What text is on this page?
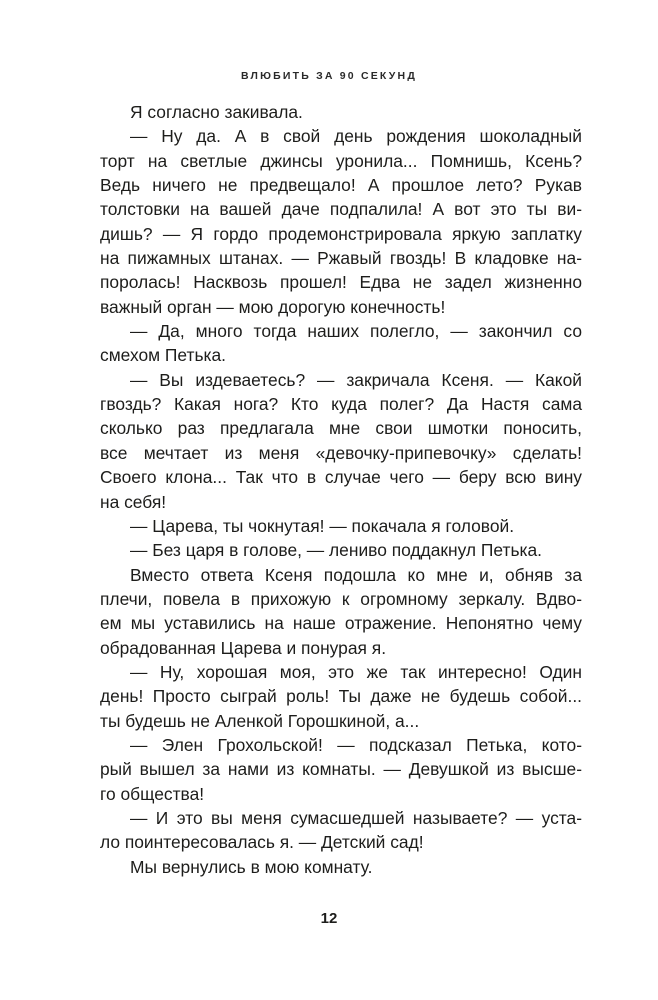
ВЛЮБИТЬ ЗА 90 СЕКУНД
Я согласно закивала.
— Ну да. А в свой день рождения шоколадный
торт на светлые джинсы уронила... Помнишь, Ксень?
Ведь ничего не предвещало! А прошлое лето? Рукав
толстовки на вашей даче подпалила! А вот это ты ви-
дишь? — Я гордо продемонстрировала яркую заплатку
на пижамных штанах. — Ржавый гвоздь! В кладовке на-
поролась! Насквозь прошел! Едва не задел жизненно
важный орган — мою дорогую конечность!
— Да, много тогда наших полегло, — закончил со
смехом Петька.
— Вы издеваетесь? — закричала Ксеня. — Какой
гвоздь? Какая нога? Кто куда полег? Да Настя сама
сколько раз предлагала мне свои шмотки поносить,
все мечтает из меня «девочку-припевочку» сделать!
Своего клона... Так что в случае чего — беру всю вину
на себя!
— Царева, ты чокнутая! — покачала я головой.
— Без царя в голове, — лениво поддакнул Петька.
Вместо ответа Ксеня подошла ко мне и, обняв за
плечи, повела в прихожую к огромному зеркалу. Вдво-
ем мы уставились на наше отражение. Непонятно чему
обрадованная Царева и понурая я.
— Ну, хорошая моя, это же так интересно! Один
день! Просто сыграй роль! Ты даже не будешь собой...
ты будешь не Аленкой Горошкиной, а...
— Элен Грохольской! — подсказал Петька, кото-
рый вышел за нами из комнаты. — Девушкой из высше-
го общества!
— И это вы меня сумасшедшей называете? — уста-
ло поинтересовалась я. — Детский сад!
Мы вернулись в мою комнату.
12
